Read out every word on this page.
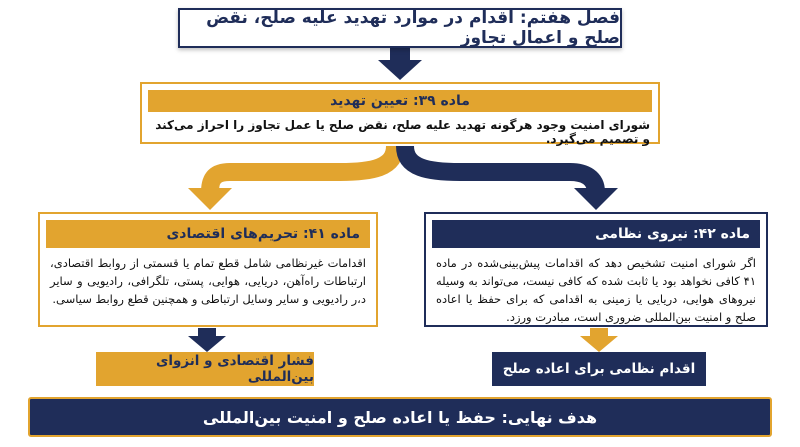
فصل هفتم: اقدام در موارد تهدید علیه صلح، نقض صلح و اعمال تجاوز
ماده ۳۹: تعیین تهدید
شورای امنیت وجود هرگونه تهدید علیه صلح، نقض صلح یا عمل تجاوز را احراز می‌کند و تصمیم می‌گیرد.
ماده ۴۱: تحریم‌های اقتصادی
اقدامات غیرنظامی شامل قطع تمام یا قسمتی از روابط اقتصادی، ارتباطات راه‌آهن، دریایی، هوایی، پستی، تلگرافی، رادیویی و سایر د،ر رادیویی و سایر وسایل ارتباطی و همچنین قطع روابط سیاسی.
ماده ۴۲: نیروی نظامی
اگر شورای امنیت تشخیص دهد که اقدامات پیش‌بینی‌شده در ماده ۴۱ کافی نخواهد بود یا ثابت شده که کافی نیست، می‌تواند به وسیله نیروهای هوایی، دریایی یا زمینی به اقدامی که برای حفظ یا اعاده صلح و امنیت بین‌المللی ضروری است، مبادرت ورزد.
فشار اقتصادی و انزوای بین‌المللی	اقدام نظامی برای اعاده صلح
هدف نهایی: حفظ یا اعاده صلح و امنیت بین‌المللی
